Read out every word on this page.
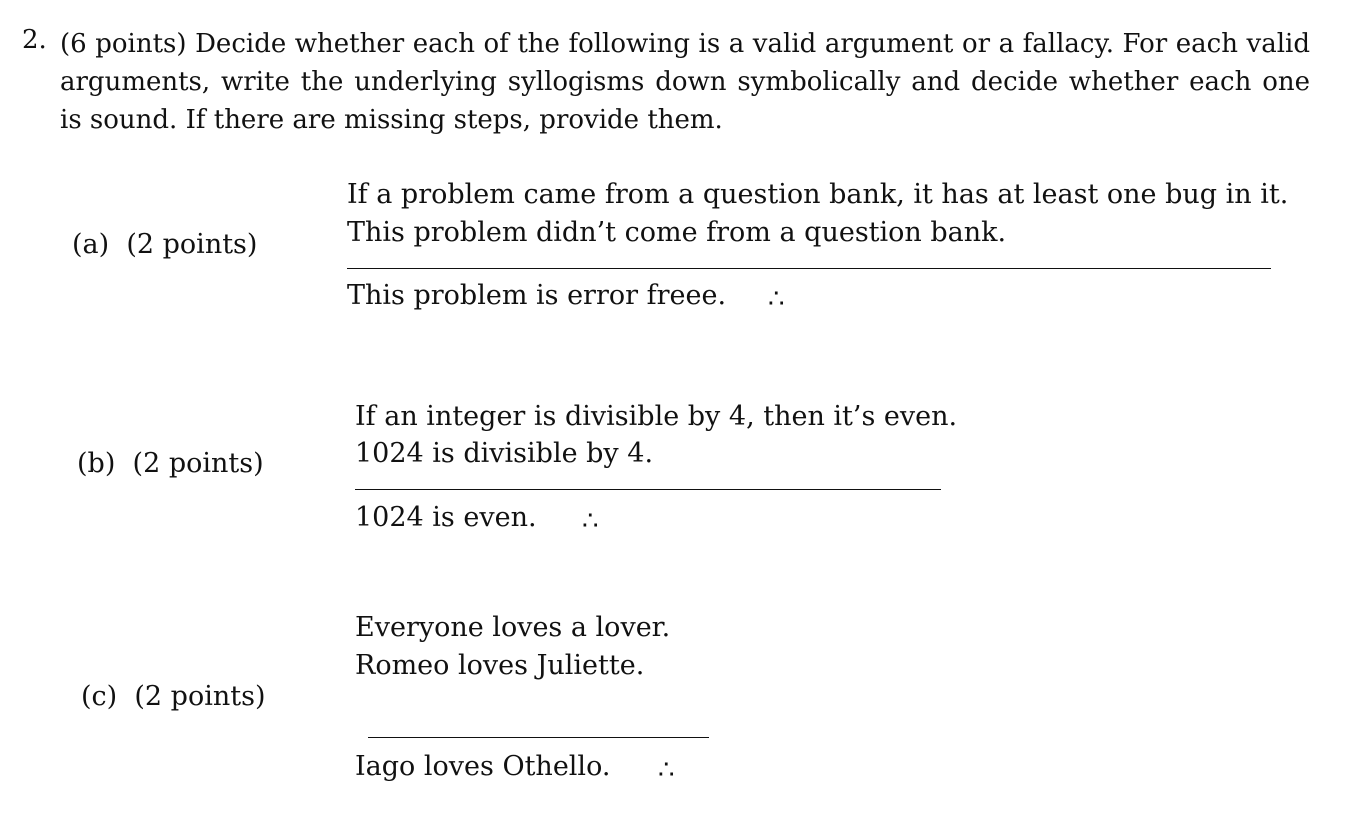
2. (6 points) Decide whether each of the following is a valid argument or a fallacy. For each valid arguments, write the underlying syllogisms down symbolically and decide whether each one is sound. If there are missing steps, provide them.
(a) (2 points)
If a problem came from a question bank, it has at least one bug in it.
This problem didn’t come from a question bank.
This problem is error freee. ∴
(b) (2 points)
If an integer is divisible by 4, then it’s even.
1024 is divisible by 4.
1024 is even. ∴
(c) (2 points)
Everyone loves a lover.
Romeo loves Juliette.
Iago loves Othello. ∴
